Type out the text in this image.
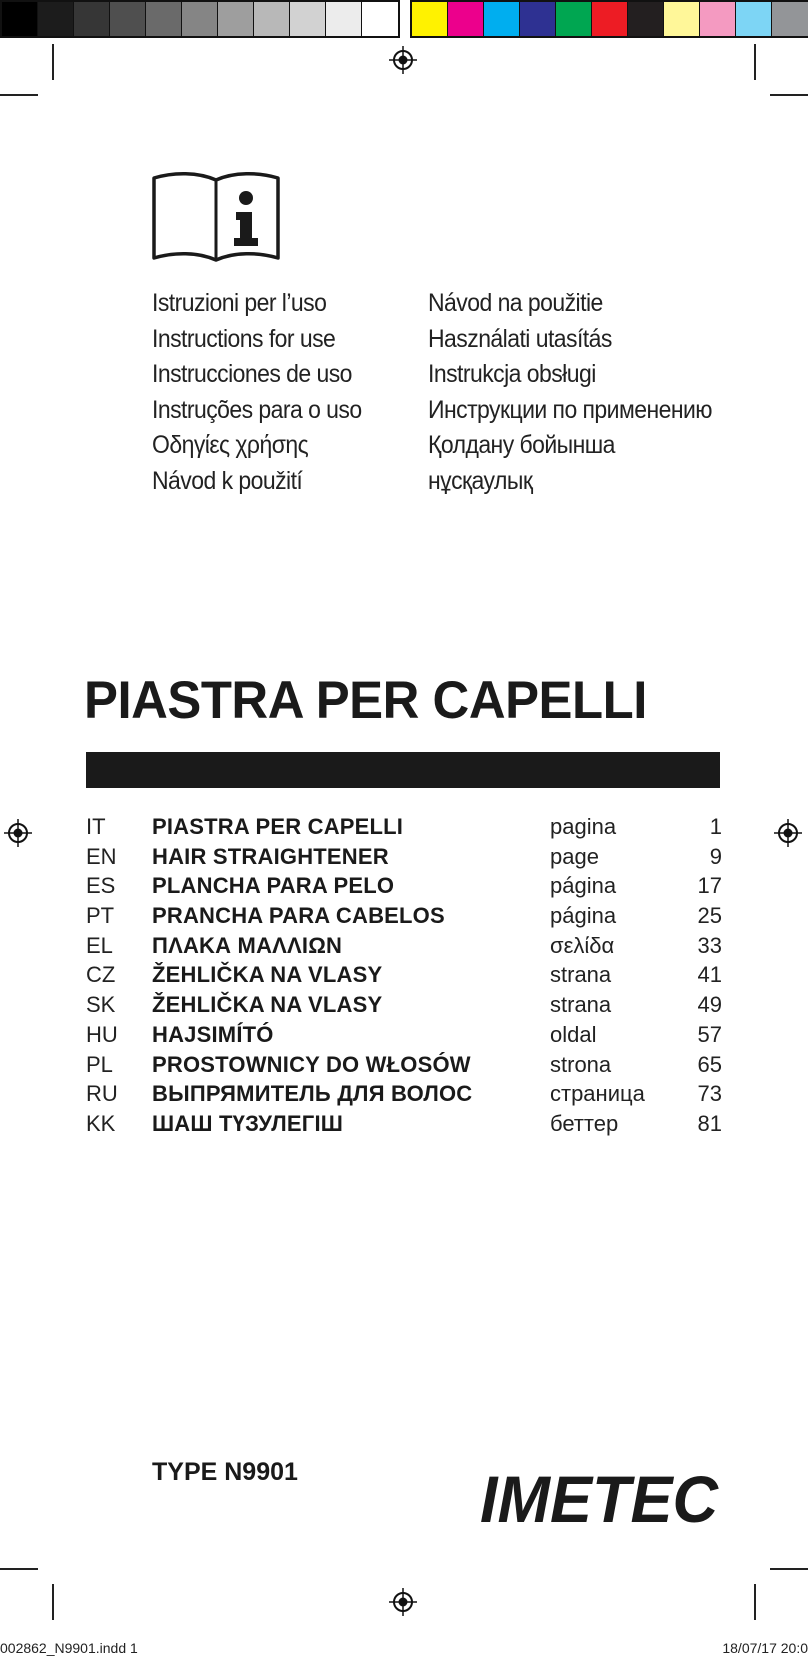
Istruzioni per l’uso
Instructions for use
Instrucciones de uso
Instruções para o uso
Οδηγίες χρήσης
Návod k použití
Návod na použitie
Használati utasítás
Instrukcja obsługi
Инструкции по применению
Қолдану бойынша
нұсқаулық
PIASTRA PER CAPELLI
IT PIASTRA PER CAPELLI	pagina	1
EN HAIR STRAIGHTENER	page	9
ES PLANCHA PARA PELO	página	17
PT PRANCHA PARA CABELOS	página	25
EL ΠΛΑΚΑ ΜΑΛΛΙΩΝ	σελίδα	33
CZ ŽEHLIČKA NA VLASY	strana	41
SK ŽEHLIČKA NA VLASY	strana	49
HU HAJSIMÍTÓ	oldal	57
PL PROSTOWNICY DO WŁOSÓW	strona	65
RU ВЫПРЯМИТЕЛЬ ДЛЯ ВОЛОС	страница 73
KK ШАШ ТҮЗУЛЕГІШ	беттер	81
TYPE N9901	IMETEC
002862_N9901.indd 1	18/07/17 20:0
